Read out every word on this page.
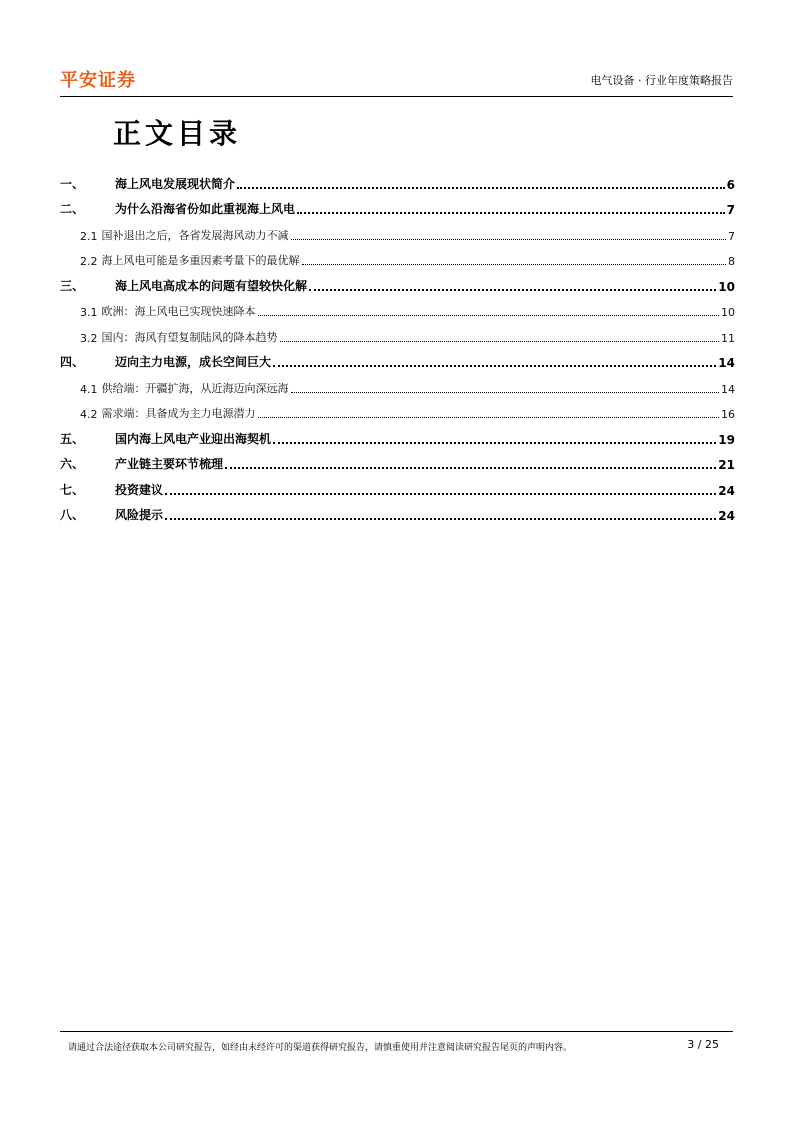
平安证券	电气设备 · 行业年度策略报告
正文目录
一、	海上风电发展现状简介	6
二、	为什么沿海省份如此重视海上风电	7
2.1 国补退出之后，各省发展海风动力不减	7
2.2 海上风电可能是多重因素考量下的最优解	8
三、	海上风电高成本的问题有望较快化解	10
3.1 欧洲：海上风电已实现快速降本	10
3.2 国内：海风有望复制陆风的降本趋势	11
四、	迈向主力电源，成长空间巨大	14
4.1 供给端：开疆扩海，从近海迈向深远海	14
4.2 需求端：具备成为主力电源潜力	16
五、	国内海上风电产业迎出海契机	19
六、	产业链主要环节梳理	21
七、	投资建议	24
八、	风险提示	24
请通过合法途径获取本公司研究报告，如经由未经许可的渠道获得研究报告，请慎重使用并注意阅读研究报告尾页的声明内容。	3 / 25
